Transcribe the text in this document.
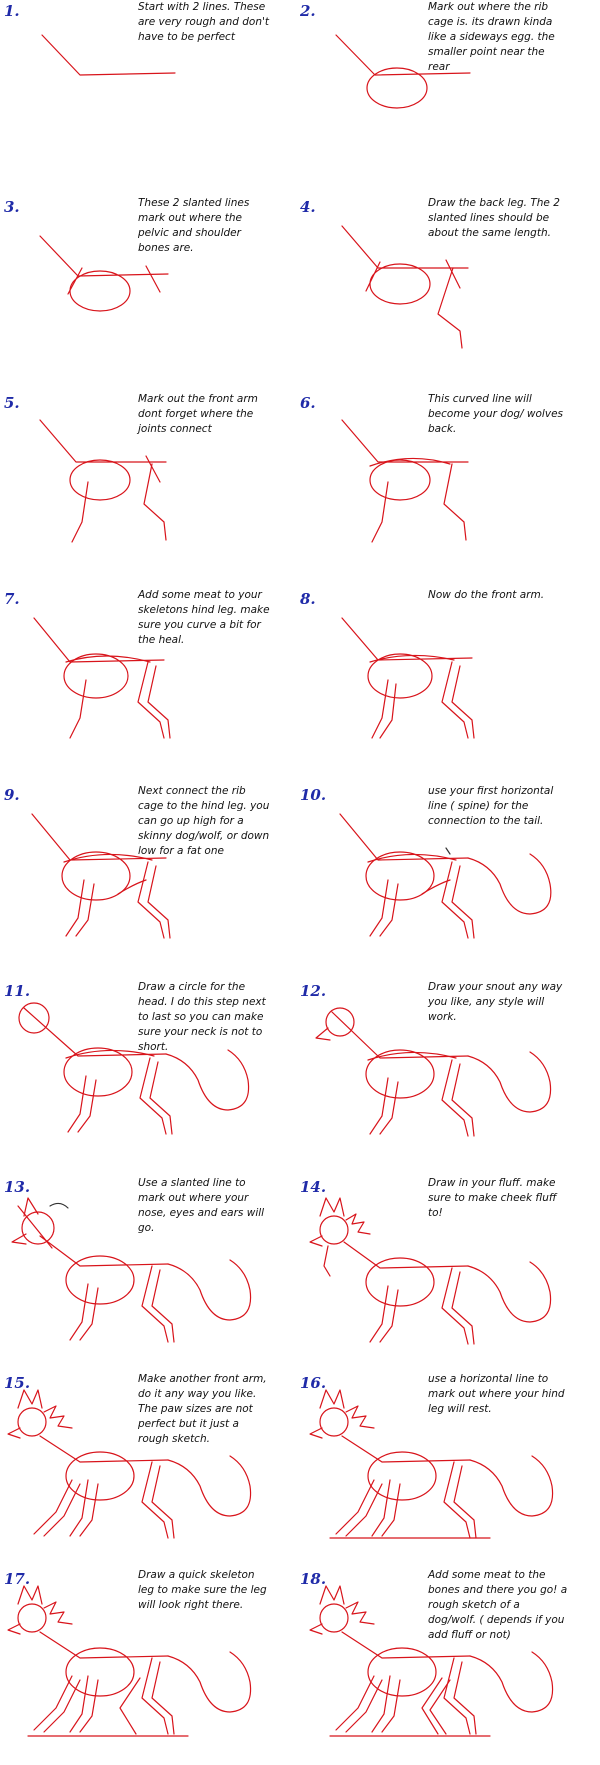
1.	Start with 2 lines. These are very rough and don't have to be perfect
2.	Mark out where the rib cage is. its drawn kinda like a sideways egg. the smaller point near the rear
3.	These 2 slanted lines mark out where the pelvic and shoulder bones are.
4.	Draw the back leg. The 2 slanted lines should be about the same length.
5.	Mark out the front arm dont forget where the joints connect
6.	This curved line will become your dog/ wolves back.
7.	Add some meat to your skeletons hind leg. make sure you curve a bit for the heal.
8.	Now do the front arm.
9.	Next connect the rib cage to the hind leg. you can go up high for a skinny dog/wolf, or down low for a fat one
10.	use your first horizontal line ( spine) for the connection to the tail.
11.	Draw a circle for the head. I do this step next to last so you can make sure your neck is not to short.
12.	Draw your snout any way you like, any style will work.
13.	Use a slanted line to mark out where your nose, eyes and ears will go.
14.	Draw in your fluff. make sure to make cheek fluff to!
15.	Make another front arm, do it any way you like. The paw sizes are not perfect but it just a rough sketch.
16.	use a horizontal line to mark out where your hind leg will rest.
17.	Draw a quick skeleton leg to make sure the leg will look right there.
18.	Add some meat to the bones and there you go! a rough sketch of a dog/wolf. ( depends if you add fluff or not)
